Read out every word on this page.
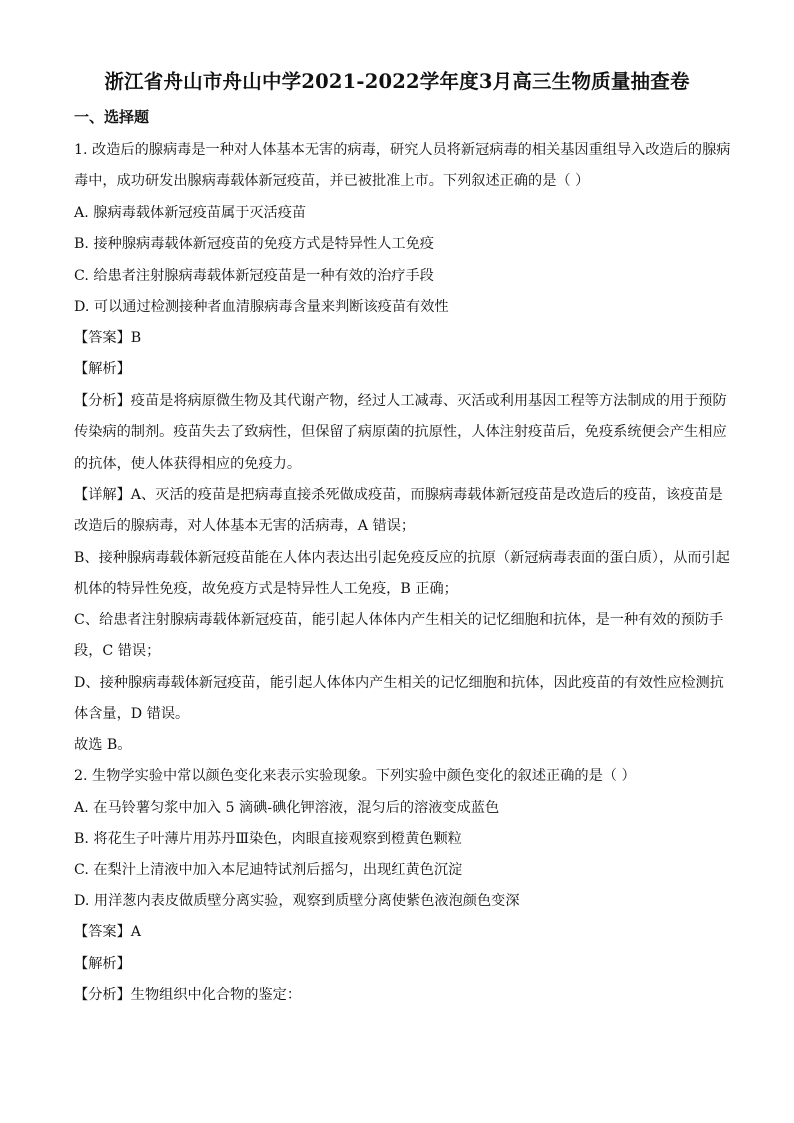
浙江省舟山市舟山中学2021-2022学年度3月高三生物质量抽查卷
一、选择题
1. 改造后的腺病毒是一种对人体基本无害的病毒，研究人员将新冠病毒的相关基因重组导入改造后的腺病
毒中，成功研发出腺病毒载体新冠疫苗，并已被批准上市。下列叙述正确的是（ ）
A. 腺病毒载体新冠疫苗属于灭活疫苗
B. 接种腺病毒载体新冠疫苗的免疫方式是特异性人工免疫
C. 给患者注射腺病毒载体新冠疫苗是一种有效的治疗手段
D. 可以通过检测接种者血清腺病毒含量来判断该疫苗有效性
【答案】B
【解析】
【分析】疫苗是将病原微生物及其代谢产物，经过人工减毒、灭活或利用基因工程等方法制成的用于预防
传染病的制剂。疫苗失去了致病性，但保留了病原菌的抗原性，人体注射疫苗后，免疫系统便会产生相应
的抗体，使人体获得相应的免疫力。
【详解】A、灭活的疫苗是把病毒直接杀死做成疫苗，而腺病毒载体新冠疫苗是改造后的疫苗，该疫苗是
改造后的腺病毒，对人体基本无害的活病毒，A 错误；
B、接种腺病毒载体新冠疫苗能在人体内表达出引起免疫反应的抗原（新冠病毒表面的蛋白质），从而引起
机体的特异性免疫，故免疫方式是特异性人工免疫，B 正确；
C、给患者注射腺病毒载体新冠疫苗，能引起人体体内产生相关的记忆细胞和抗体，是一种有效的预防手
段，C 错误；
D、接种腺病毒载体新冠疫苗，能引起人体体内产生相关的记忆细胞和抗体，因此疫苗的有效性应检测抗
体含量，D 错误。
故选 B。
2. 生物学实验中常以颜色变化来表示实验现象。下列实验中颜色变化的叙述正确的是（ ）
A. 在马铃薯匀浆中加入 5 滴碘-碘化钾溶液，混匀后的溶液变成蓝色
B. 将花生子叶薄片用苏丹Ⅲ染色，肉眼直接观察到橙黄色颗粒
C. 在梨汁上清液中加入本尼迪特试剂后摇匀，出现红黄色沉淀
D. 用洋葱内表皮做质壁分离实验，观察到质壁分离使紫色液泡颜色变深
【答案】A
【解析】
【分析】生物组织中化合物的鉴定：
